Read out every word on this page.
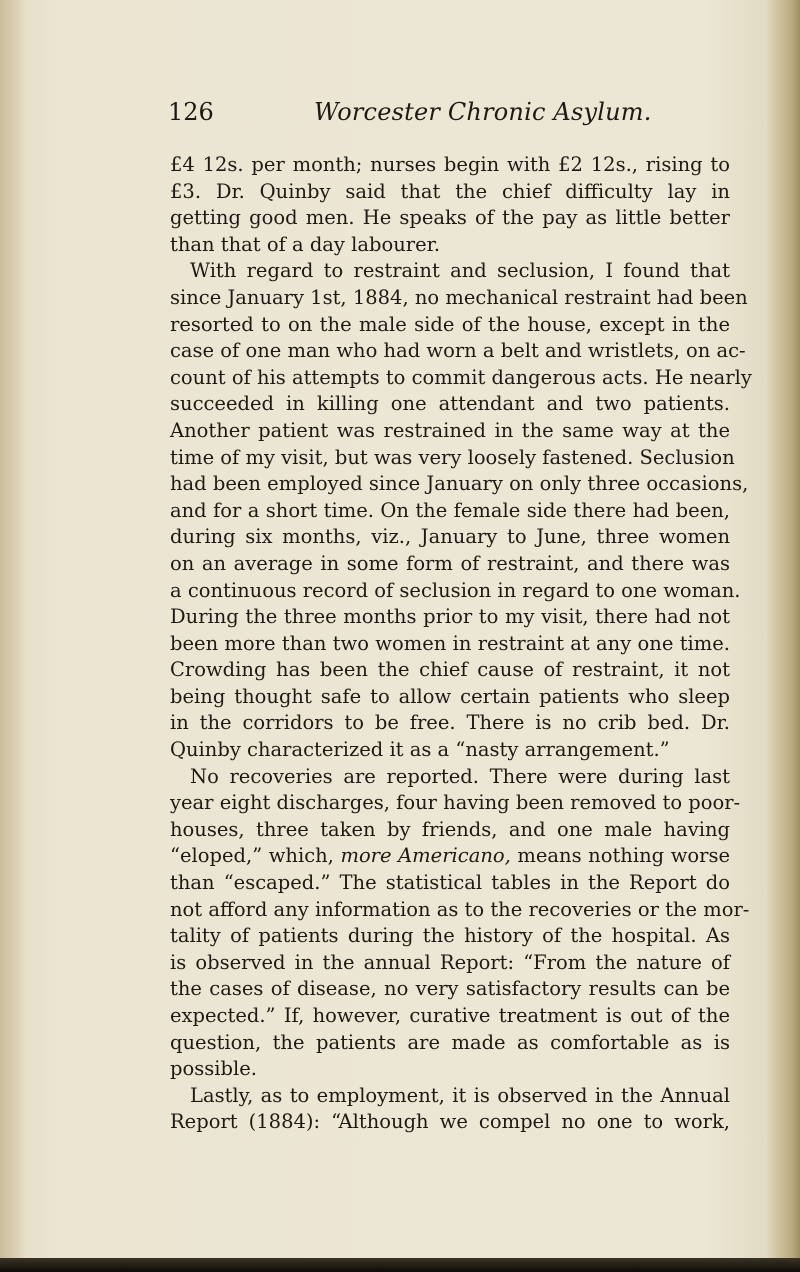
126	Worcester Chronic Asylum.
£4 12s. per month; nurses begin with £2 12s., rising to
£3. Dr. Quinby said that the chief difficulty lay in
getting good men. He speaks of the pay as little better
than that of a day labourer.
With regard to restraint and seclusion, I found that
since January 1st, 1884, no mechanical restraint had been
resorted to on the male side of the house, except in the
case of one man who had worn a belt and wristlets, on ac-
count of his attempts to commit dangerous acts. He nearly
succeeded in killing one attendant and two patients.
Another patient was restrained in the same way at the
time of my visit, but was very loosely fastened. Seclusion
had been employed since January on only three occasions,
and for a short time. On the female side there had been,
during six months, viz., January to June, three women
on an average in some form of restraint, and there was
a continuous record of seclusion in regard to one woman.
During the three months prior to my visit, there had not
been more than two women in restraint at any one time.
Crowding has been the chief cause of restraint, it not
being thought safe to allow certain patients who sleep
in the corridors to be free. There is no crib bed. Dr.
Quinby characterized it as a “nasty arrangement.”
No recoveries are reported. There were during last
year eight discharges, four having been removed to poor-
houses, three taken by friends, and one male having
“eloped,” which, more Americano, means nothing worse
than “escaped.” The statistical tables in the Report do
not afford any information as to the recoveries or the mor-
tality of patients during the history of the hospital. As
is observed in the annual Report: “From the nature of
the cases of disease, no very satisfactory results can be
expected.” If, however, curative treatment is out of the
question, the patients are made as comfortable as is
possible.
Lastly, as to employment, it is observed in the Annual
Report (1884): “Although we compel no one to work,
